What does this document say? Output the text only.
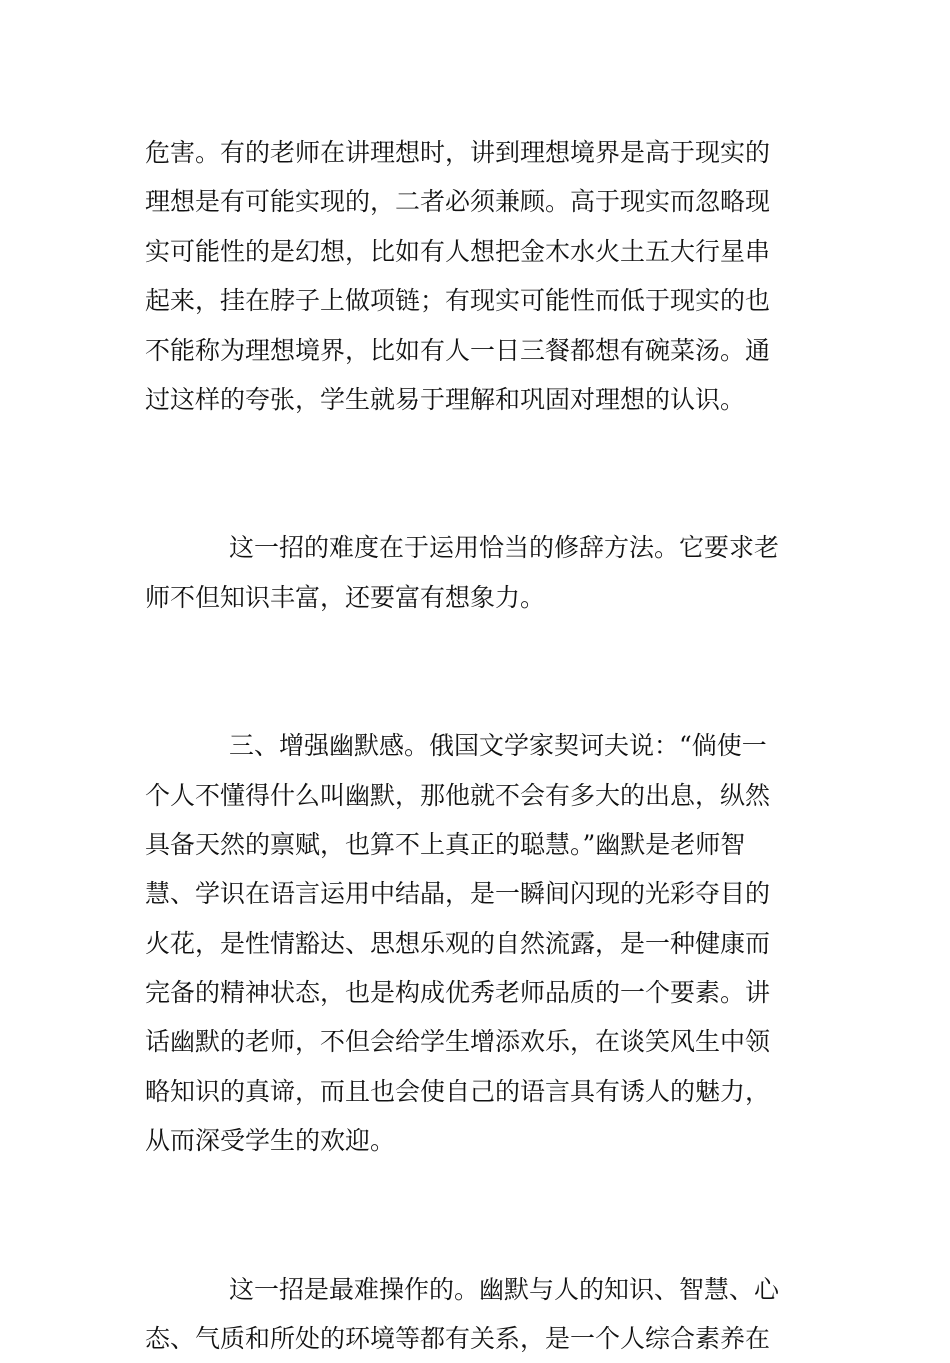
危害。有的老师在讲理想时，讲到理想境界是高于现实的
理想是有可能实现的，二者必须兼顾。高于现实而忽略现
实可能性的是幻想，比如有人想把金木水火土五大行星串
起来，挂在脖子上做项链；有现实可能性而低于现实的也
不能称为理想境界，比如有人一日三餐都想有碗菜汤。通
过这样的夸张，学生就易于理解和巩固对理想的认识。

这一招的难度在于运用恰当的修辞方法。它要求老
师不但知识丰富，还要富有想象力。

三、增强幽默感。俄国文学家契诃夫说：“倘使一
个人不懂得什么叫幽默，那他就不会有多大的出息，纵然
具备天然的禀赋，也算不上真正的聪慧。”幽默是老师智
慧、学识在语言运用中结晶，是一瞬间闪现的光彩夺目的
火花，是性情豁达、思想乐观的自然流露，是一种健康而
完备的精神状态，也是构成优秀老师品质的一个要素。讲
话幽默的老师，不但会给学生增添欢乐，在谈笑风生中领
略知识的真谛，而且也会使自己的语言具有诱人的魅力，
从而深受学生的欢迎。

这一招是最难操作的。幽默与人的知识、智慧、心
态、气质和所处的环境等都有关系，是一个人综合素养在
